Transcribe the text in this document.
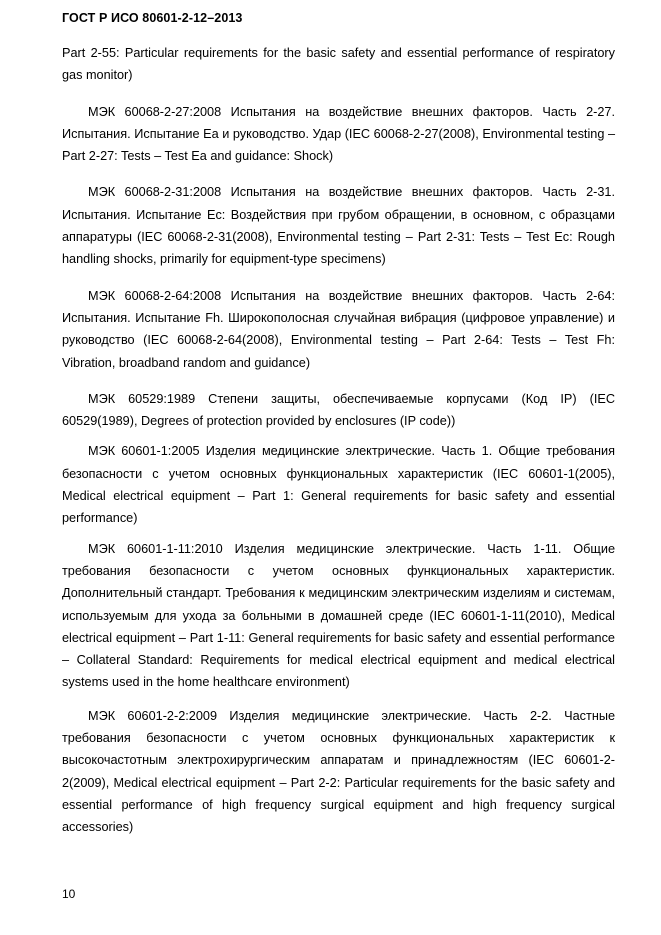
ГОСТ Р ИСО 80601-2-12–2013

Part 2-55: Particular requirements for the basic safety and essential performance of respiratory gas monitor)

МЭК 60068-2-27:2008 Испытания на воздействие внешних факторов. Часть 2-27. Испытания. Испытание Ea и руководство. Удар (IEC 60068-2-27(2008), Environmental testing – Part 2-27: Tests – Test Ea and guidance: Shock)

МЭК 60068-2-31:2008 Испытания на воздействие внешних факторов. Часть 2-31. Испытания. Испытание Ec: Воздействия при грубом обращении, в основном, с образцами аппаратуры (IEC 60068-2-31(2008), Environmental testing – Part 2-31: Tests – Test Ec: Rough handling shocks, primarily for equipment-type specimens)

МЭК 60068-2-64:2008 Испытания на воздействие внешних факторов. Часть 2-64: Испытания. Испытание Fh. Широкополосная случайная вибрация (цифровое управление) и руководство (IEC 60068-2-64(2008), Environmental testing – Part 2-64: Tests – Test Fh: Vibration, broadband random and guidance)

МЭК 60529:1989 Степени защиты, обеспечиваемые корпусами (Код IP) (IEC 60529(1989), Degrees of protection provided by enclosures (IP code))

МЭК 60601-1:2005 Изделия медицинские электрические. Часть 1. Общие требования безопасности с учетом основных функциональных характеристик (IEC 60601-1(2005), Medical electrical equipment – Part 1: General requirements for basic safety and essential performance)

МЭК 60601-1-11:2010 Изделия медицинские электрические. Часть 1-11. Общие требования безопасности с учетом основных функциональных характеристик. Дополнительный стандарт. Требования к медицинским электрическим изделиям и системам, используемым для ухода за больными в домашней среде (IEC 60601-1-11(2010), Medical electrical equipment – Part 1-11: General requirements for basic safety and essential performance – Collateral Standard: Requirements for medical electrical equipment and medical electrical systems used in the home healthcare environment)

МЭК 60601-2-2:2009 Изделия медицинские электрические. Часть 2-2. Частные требования безопасности с учетом основных функциональных характеристик к высокочастотным электрохирургическим аппаратам и принадлежностям (IEC 60601-2-2(2009), Medical electrical equipment – Part 2-2: Particular requirements for the basic safety and essential performance of high frequency surgical equipment and high frequency surgical accessories)

10
